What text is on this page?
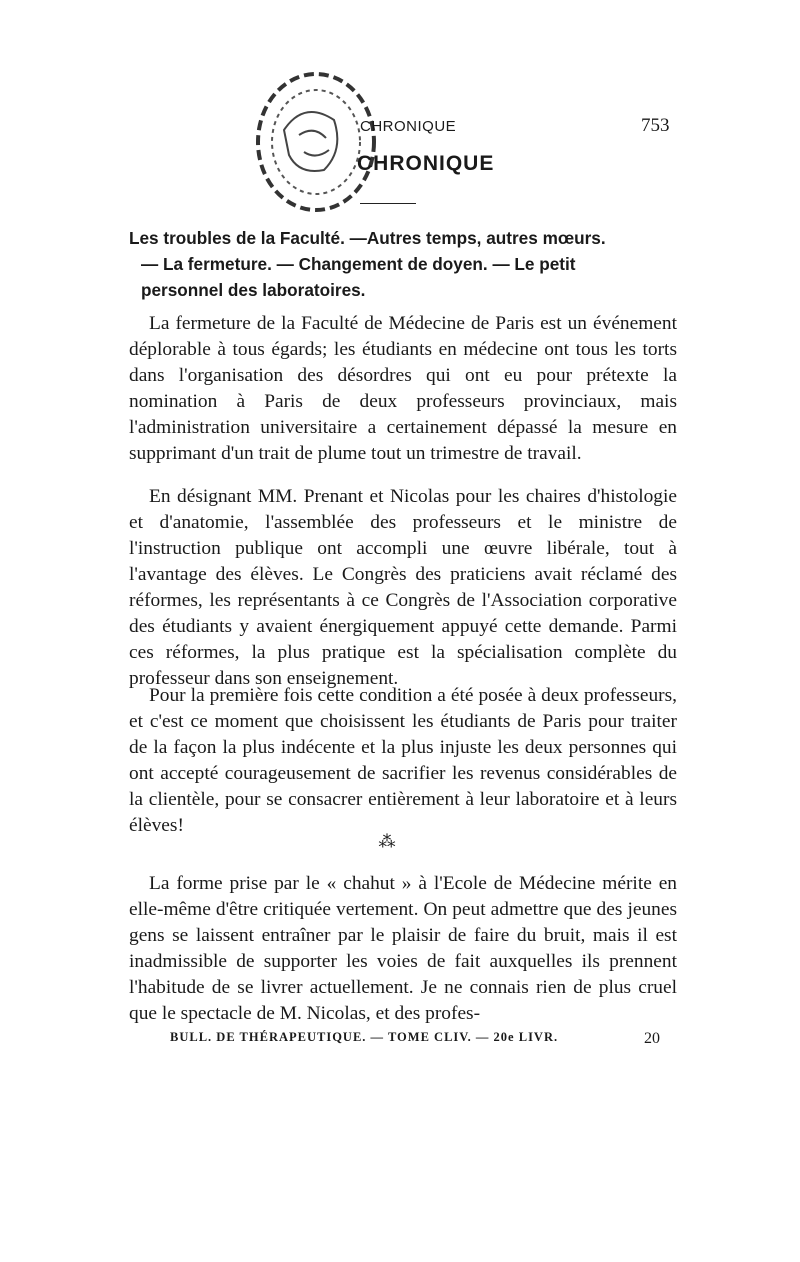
CHRONIQUE	753
CHRONIQUE
Les troubles de la Faculté. —Autres temps, autres mœurs.
— La fermeture. — Changement de doyen. — Le petit
personnel des laboratoires.

La fermeture de la Faculté de Médecine de Paris est un événement déplorable à tous égards; les étudiants en médecine ont tous les torts dans l'organisation des désordres qui ont eu pour prétexte la nomination à Paris de deux professeurs provinciaux, mais l'administration universitaire a certainement dépassé la mesure en supprimant d'un trait de plume tout un trimestre de travail.

En désignant MM. Prenant et Nicolas pour les chaires d'histologie et d'anatomie, l'assemblée des professeurs et le ministre de l'instruction publique ont accompli une œuvre libérale, tout à l'avantage des élèves. Le Congrès des praticiens avait réclamé des réformes, les représentants à ce Congrès de l'Association corporative des étudiants y avaient énergiquement appuyé cette demande. Parmi ces réformes, la plus pratique est la spécialisation complète du professeur dans son enseignement.

Pour la première fois cette condition a été posée à deux professeurs, et c'est ce moment que choisissent les étudiants de Paris pour traiter de la façon la plus indécente et la plus injuste les deux personnes qui ont accepté courageusement de sacrifier les revenus considérables de la clientèle, pour se consacrer entièrement à leur laboratoire et à leurs élèves!

⁂

La forme prise par le « chahut » à l'Ecole de Médecine mérite en elle-même d'être critiquée vertement. On peut admettre que des jeunes gens se laissent entraîner par le plaisir de faire du bruit, mais il est inadmissible de supporter les voies de fait auxquelles ils prennent l'habitude de se livrer actuellement. Je ne connais rien de plus cruel que le spectacle de M. Nicolas, et des profes-

BULL. DE THÉRAPEUTIQUE. — TOME CLIV. — 20e LIVR.	20
